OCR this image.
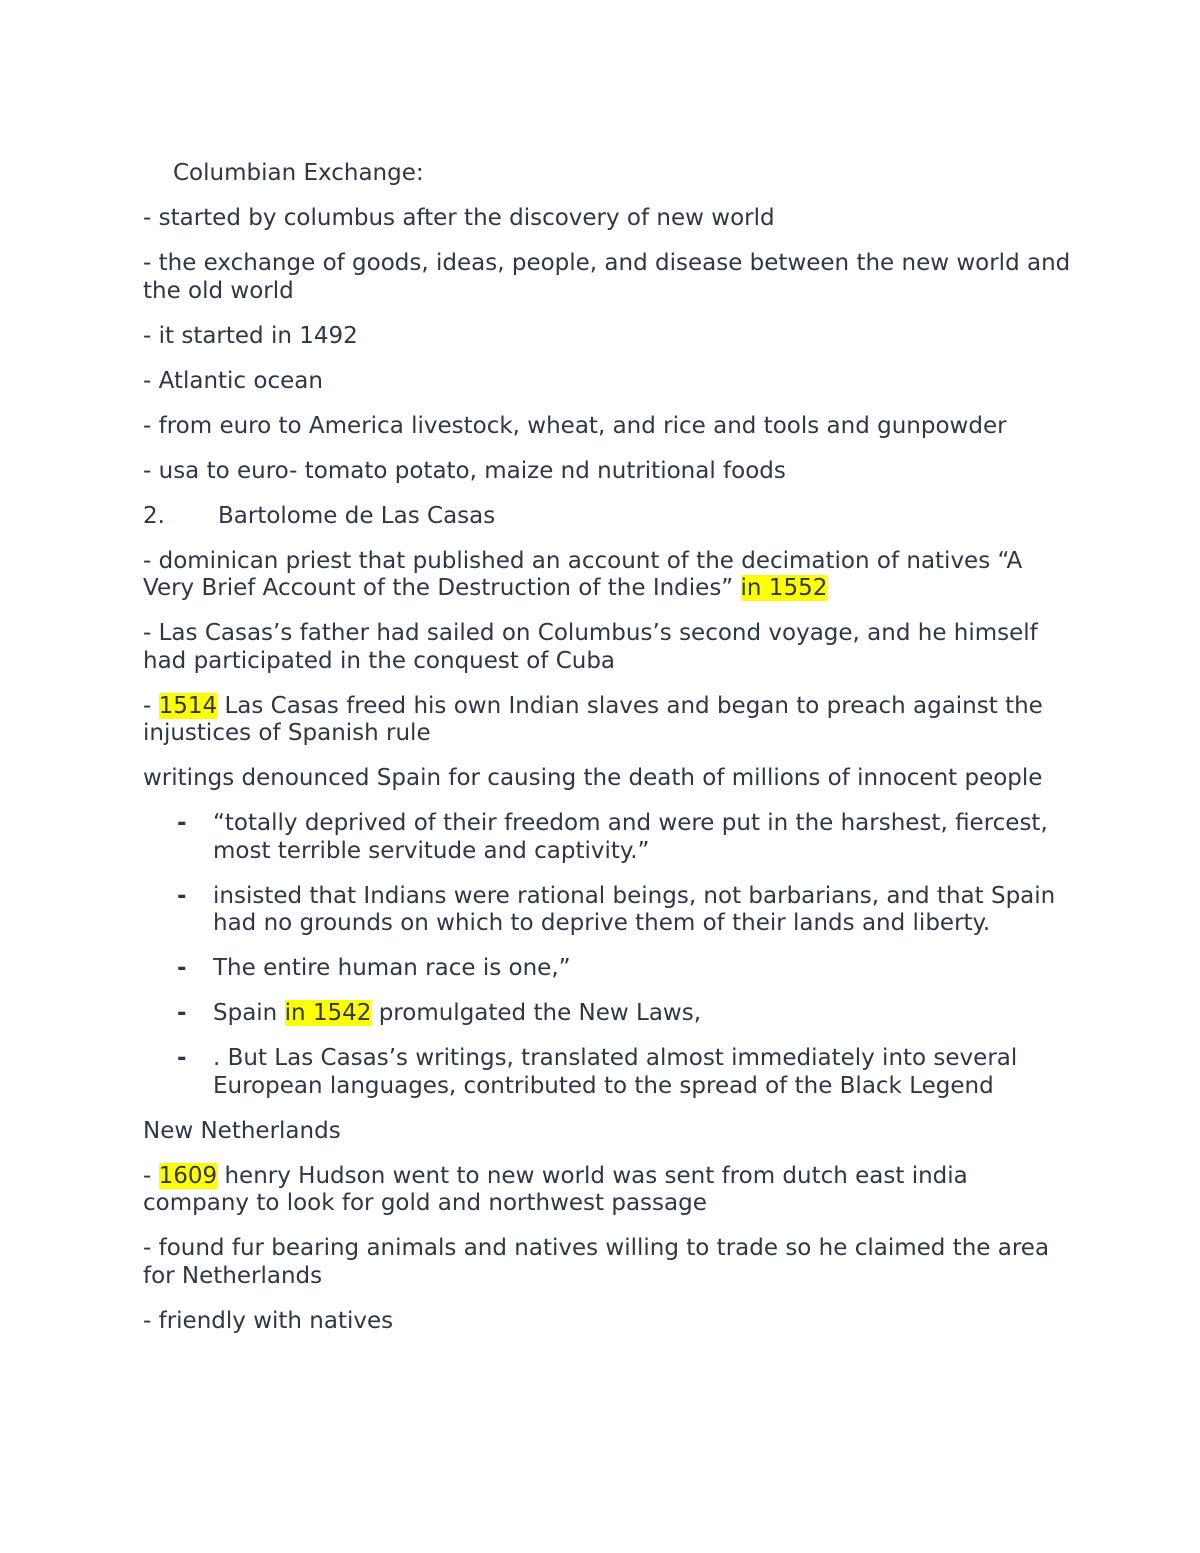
Columbian Exchange:

- started by columbus after the discovery of new world

- the exchange of goods, ideas, people, and disease between the new world and the old world

- it started in 1492

- Atlantic ocean

- from euro to America livestock, wheat, and rice and tools and gunpowder

- usa to euro- tomato potato, maize nd nutritional foods

2.	Bartolome de Las Casas

- dominican priest that published an account of the decimation of natives “A Very Brief Account of the Destruction of the Indies” in 1552

- Las Casas’s father had sailed on Columbus’s second voyage, and he himself had participated in the conquest of Cuba

- 1514 Las Casas freed his own Indian slaves and began to preach against the injustices of Spanish rule

writings denounced Spain for causing the death of millions of innocent people

- “totally deprived of their freedom and were put in the harshest, fiercest, most terrible servitude and captivity.”
- insisted that Indians were rational beings, not barbarians, and that Spain had no grounds on which to deprive them of their lands and liberty.
- The entire human race is one,”
- Spain in 1542 promulgated the New Laws,
- . But Las Casas’s writings, translated almost immediately into several European languages, contributed to the spread of the Black Legend

New Netherlands

- 1609 henry Hudson went to new world was sent from dutch east india company to look for gold and northwest passage

- found fur bearing animals and natives willing to trade so he claimed the area for Netherlands

- friendly with natives
